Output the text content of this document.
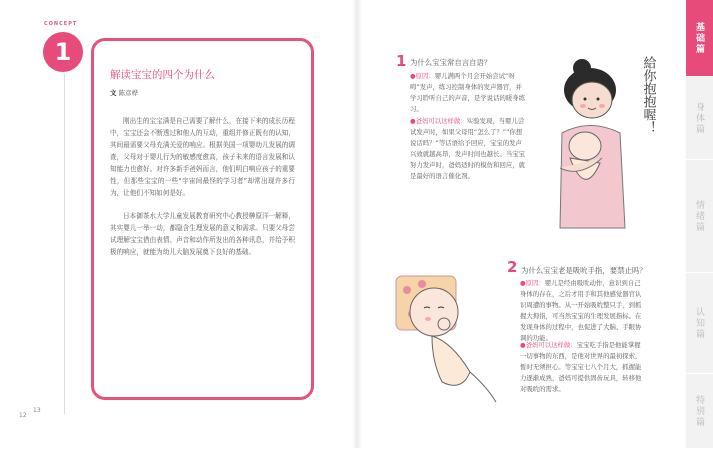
CONCEPT
1
12
13
解读宝宝的四个为什么
文 陈彦桦

刚出生的宝宝满是自己需要了解什么，在接下来的成长历程中，宝宝还会不断透过和他人的互动，重组并修正既有的认知，其间最需要父母充满关爱的响应。根据美国一项婴幼儿发展的调查，父母对于婴儿行为的敏感度愈高，孩子未来的语言发展和认知能力也愈好。对许多新手爸妈而言，他们明白响应孩子的重要性，但那些宝宝的一些“宇宙间最怪的学习者”却常出现许多行为，让他们不知如何是好。

日本御茶水大学儿童发展教育研究中心教授榊原洋一解释，其实婴儿一举一动，都隐含生理发展的意义和需求。只要父母尝试理解宝宝借由表情、声音和动作所发出的各种讯息，并给予积极的响应，就能为幼儿大脑发展奠下良好的基础。

1 为什么宝宝常自言自语？
●原因：婴儿满两个月会开始尝试“呀呣”发声，练习控制身体的发声器官，并学习聆听自己的声音，是学说话的暖身练习。
●爸妈可以这样做：实验发现，当婴儿尝试发声时，如果父母用“怎么了？”“你想说话吗？”等话语给予回应，宝宝的发声兴致就越高昂，发声时间也越长。当宝宝努力发声时，爸妈适时的模仿和回应，就是最好的语言催化剂。
2 为什么宝宝老是吸吮手指，要禁止吗？
●原因：婴儿是经由吸吮动作，意识到自己身体的存在，之后才用手和其他感觉器官认识周遭的事物。从一开始吸吮整只手，到抓握大拇指，可当然宝宝的生理发展指标。在发现身体的过程中，也促进了大脑、手眼协调的功能。
●爸妈可以这样做：宝宝吃手指是他能掌握一切事物的东西，是他对世界的最初探索，暂时无须担心。等宝宝七八个月大，抓握能力逐渐成熟，爸妈可提供固齿玩具，转移他对吸吮的需求。
給你抱抱喔！
基础篇
身体篇
情绪篇
认知篇
特别篇
